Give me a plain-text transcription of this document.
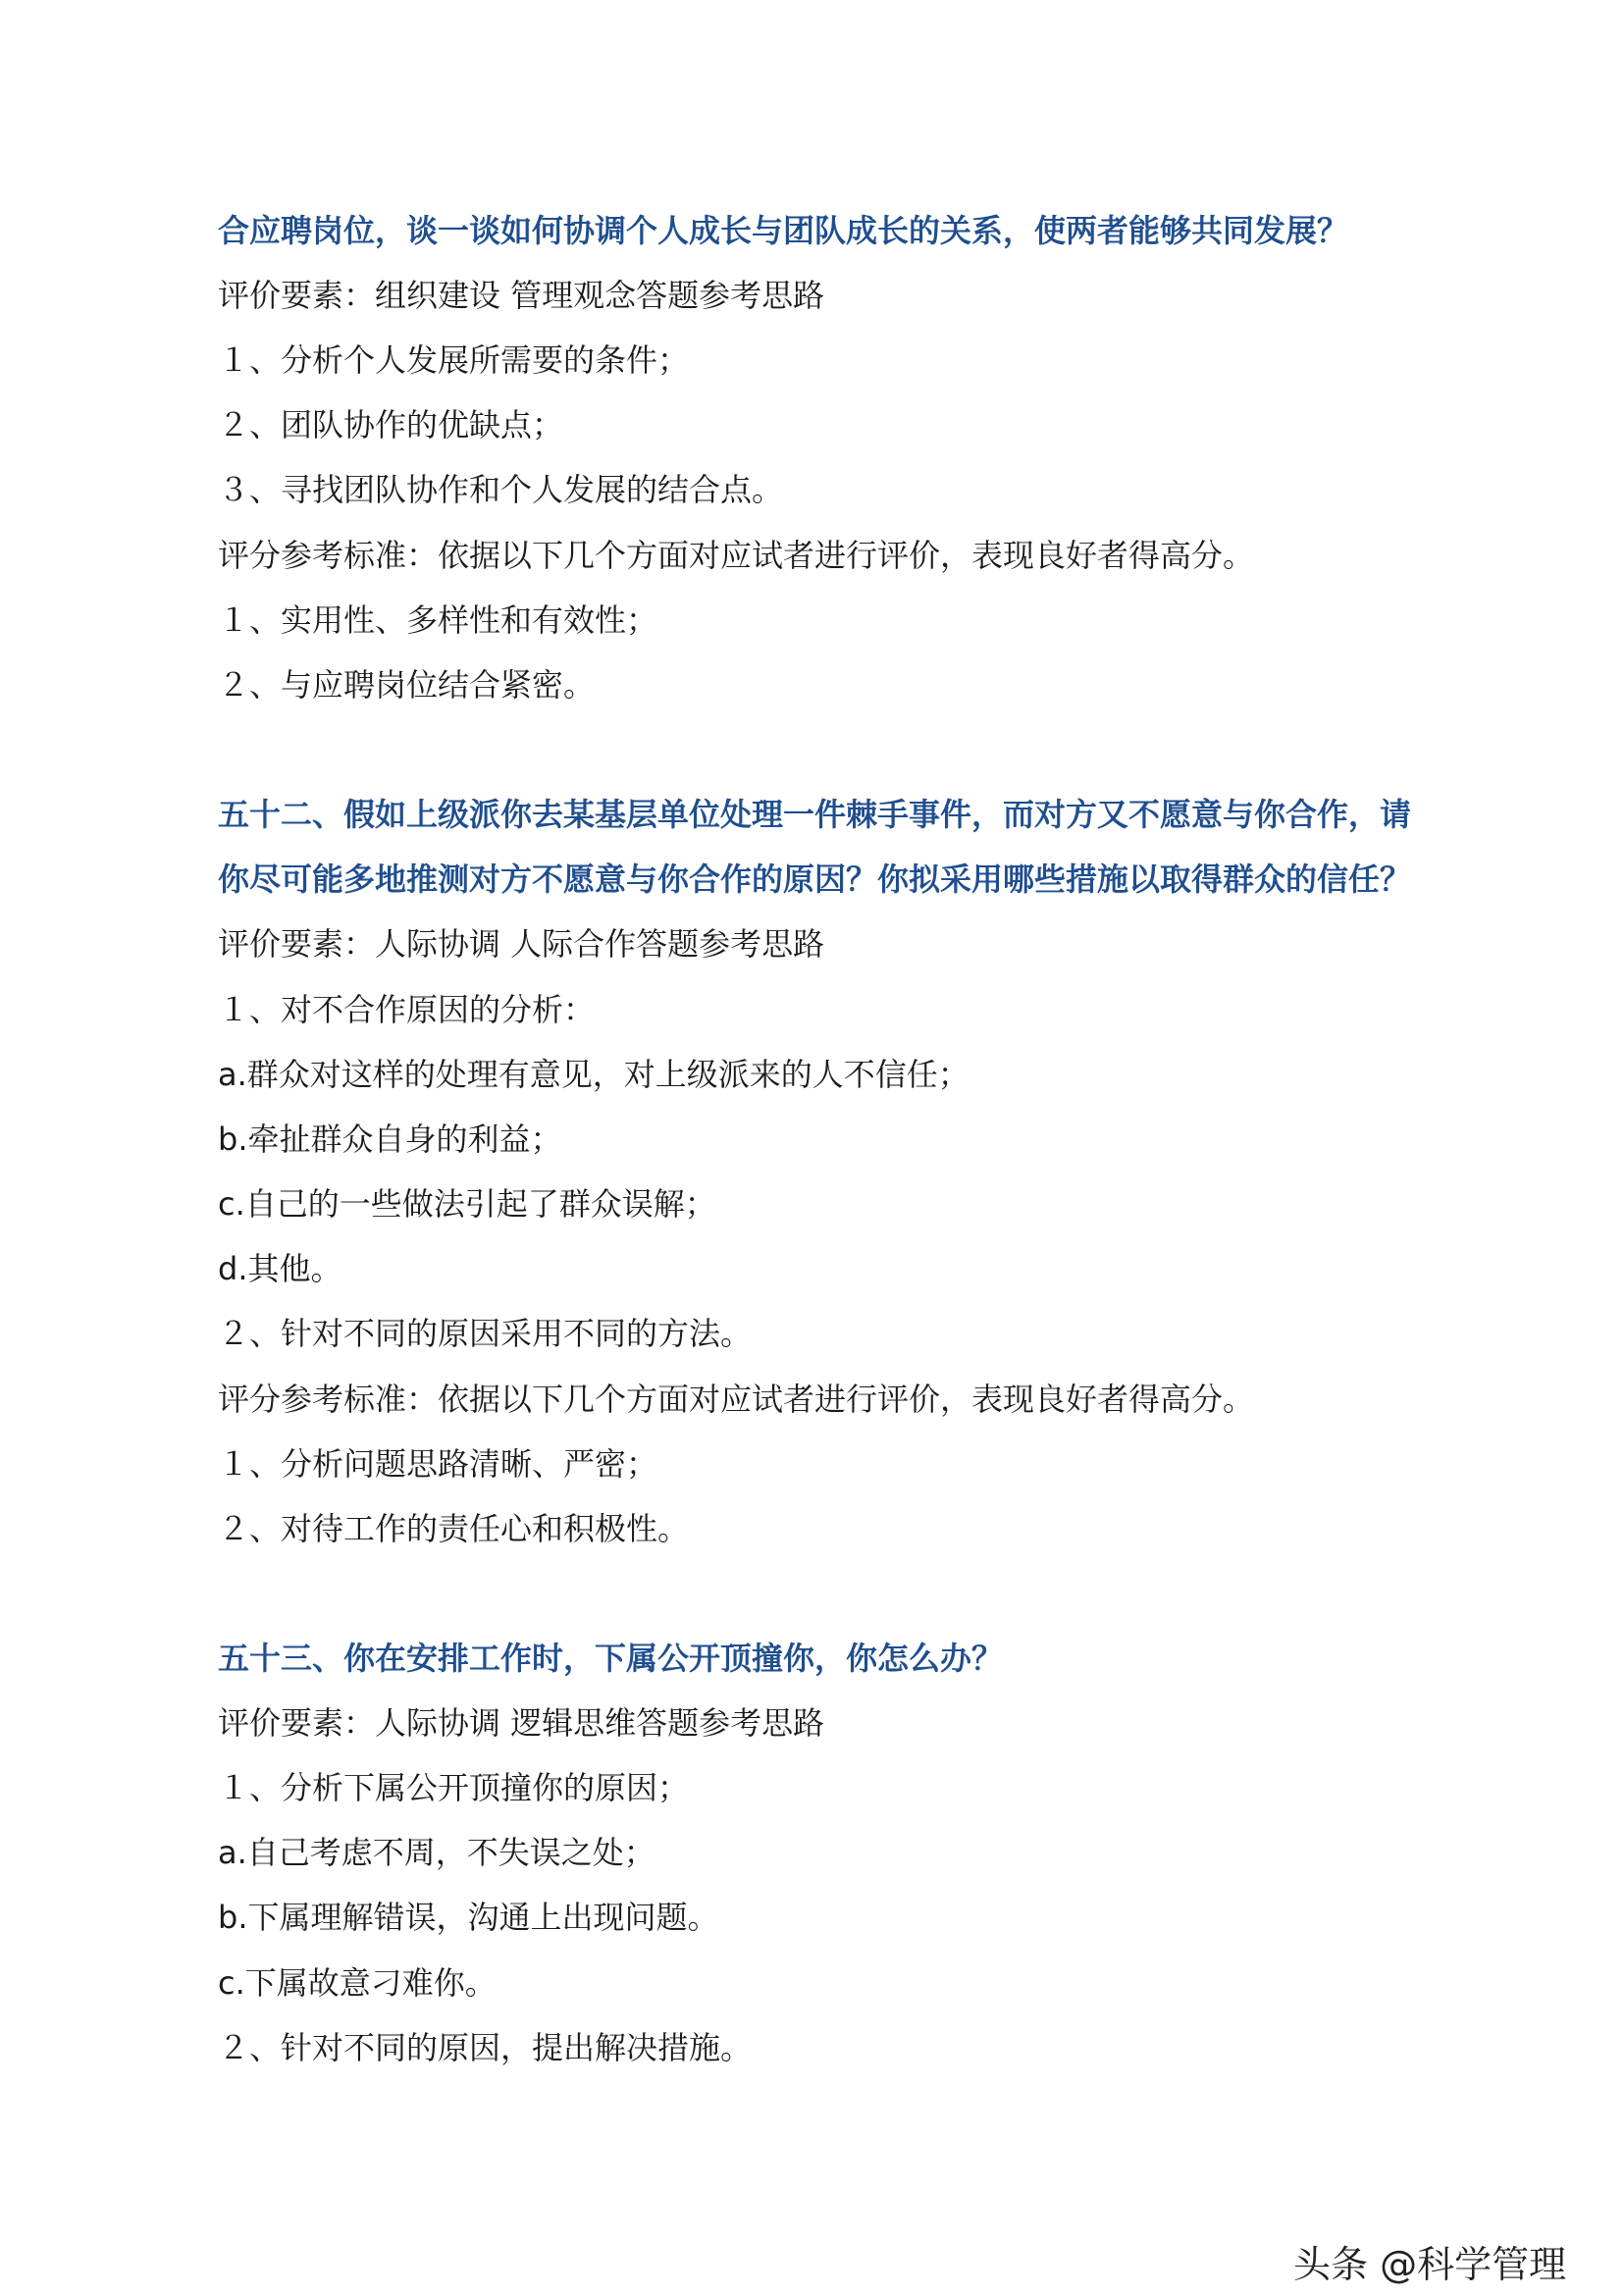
合应聘岗位，谈一谈如何协调个人成长与团队成长的关系，使两者能够共同发展？
评价要素：组织建设 管理观念答题参考思路
１、分析个人发展所需要的条件；
２、团队协作的优缺点；
３、寻找团队协作和个人发展的结合点。
评分参考标准：依据以下几个方面对应试者进行评价，表现良好者得高分。
１、实用性、多样性和有效性；
２、与应聘岗位结合紧密。
五十二、假如上级派你去某基层单位处理一件棘手事件，而对方又不愿意与你合作，请
你尽可能多地推测对方不愿意与你合作的原因？你拟采用哪些措施以取得群众的信任？
评价要素：人际协调 人际合作答题参考思路
１、对不合作原因的分析：
a.群众对这样的处理有意见，对上级派来的人不信任；
b.牵扯群众自身的利益；
c.自己的一些做法引起了群众误解；
d.其他。
２、针对不同的原因采用不同的方法。
评分参考标准：依据以下几个方面对应试者进行评价，表现良好者得高分。
１、分析问题思路清晰、严密；
２、对待工作的责任心和积极性。
五十三、你在安排工作时，下属公开顶撞你，你怎么办？
评价要素：人际协调 逻辑思维答题参考思路
１、分析下属公开顶撞你的原因；
a.自己考虑不周，不失误之处；
b.下属理解错误，沟通上出现问题。
c.下属故意刁难你。
２、针对不同的原因，提出解决措施。
头条 @科学管理
